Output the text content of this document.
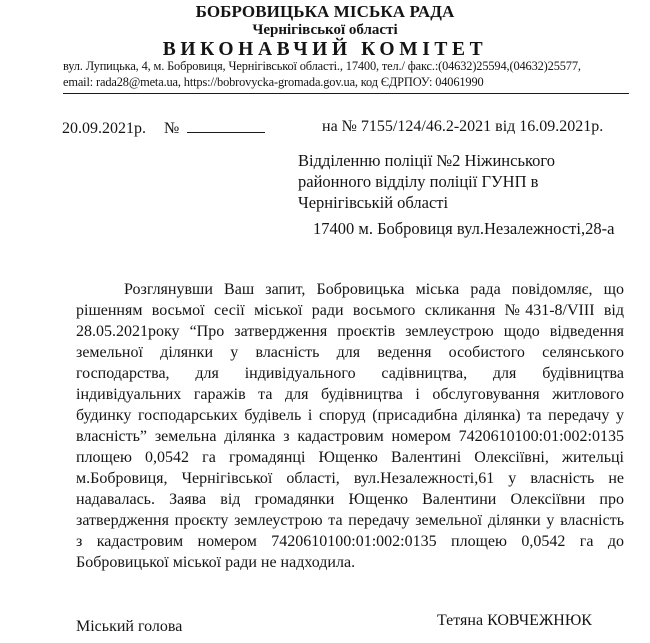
БОБРОВИЦЬКА МІСЬКА РАДА
Чернігівської області
ВИКОНАВЧИЙ КОМІТЕТ
вул. Лупицька, 4, м. Бобровиця, Чернігівської області., 17400, тел./ факс.:(04632)25594,(04632)25577,
email: rada28@meta.ua, https://bobrovycka-gromada.gov.ua, код ЄДРПОУ: 04061990
20.09.2021р. №	на № 7155/124/46.2-2021 від 16.09.2021р.
Відділенню поліції №2 Ніжинського
районного відділу поліції ГУНП в
Чернігівській області
17400 м. Бобровиця вул.Незалежності,28-а
Розглянувши Ваш запит, Бобровицька міська рада повідомляє, що
рішенням восьмої сесії міської ради восьмого скликання №431-8/VIII від
28.05.2021року “Про затвердження проєктів землеустрою щодо відведення
земельної ділянки у власність для ведення особистого селянського
господарства, для індивідуального садівництва, для будівництва
індивідуальних гаражів та для будівництва і обслуговування житлового
будинку господарських будівель і споруд (присадибна ділянка) та передачу у
власність” земельна ділянка з кадастровим номером 7420610100:01:002:0135
площею 0,0542 га громадянці Ющенко Валентині Олексіївні, жительці
м.Бобровиця, Чернігівської області, вул.Незалежності,61 у власність не
надавалась. Заява від громадянки Ющенко Валентини Олексіївни про
затвердження проєкту землеустрою та передачу земельної ділянки у власність
з кадастровим номером 7420610100:01:002:0135 площею 0,0542 га до
Бобровицької міської ради не надходила.
Міський голова	Тетяна КОВЧЕЖНЮК
